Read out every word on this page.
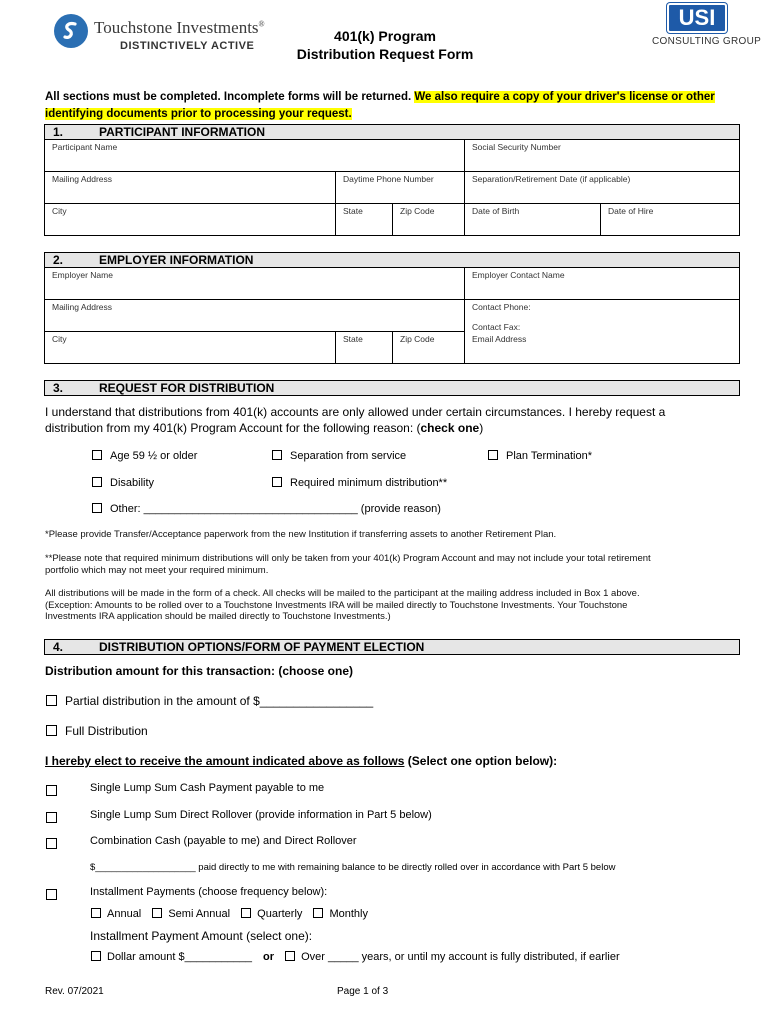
Touchstone Investments®
DISTINCTIVELY ACTIVE
401(k) Program
Distribution Request Form
USI
CONSULTING GROUP
All sections must be completed. Incomplete forms will be returned. We also require a copy of your driver's license or other
identifying documents prior to processing your request.
1.	PARTICIPANT INFORMATION
Participant Name	Social Security Number
Mailing Address	Daytime Phone Number	Separation/Retirement Date (if applicable)
City	State	Zip Code	Date of Birth	Date of Hire
2.	EMPLOYER INFORMATION
Employer Name	Employer Contact Name
Mailing Address	Contact Phone:
Contact Fax:
City	State	Zip Code	Email Address
3.	REQUEST FOR DISTRIBUTION
I understand that distributions from 401(k) accounts are only allowed under certain circumstances. I hereby request a
distribution from my 401(k) Program Account for the following reason: (check one)
Age 59 ½ or older	Separation from service	Plan Termination*
Disability	Required minimum distribution**
Other: ___________________________________ (provide reason)
*Please provide Transfer/Acceptance paperwork from the new Institution if transferring assets to another Retirement Plan.
**Please note that required minimum distributions will only be taken from your 401(k) Program Account and may not include your total retirement
portfolio which may not meet your required minimum.
All distributions will be made in the form of a check. All checks will be mailed to the participant at the mailing address included in Box 1 above.
(Exception: Amounts to be rolled over to a Touchstone Investments IRA will be mailed directly to Touchstone Investments. Your Touchstone
Investments IRA application should be mailed directly to Touchstone Investments.)
4.	DISTRIBUTION OPTIONS/FORM OF PAYMENT ELECTION
Distribution amount for this transaction: (choose one)
Partial distribution in the amount of $_________________
Full Distribution
I hereby elect to receive the amount indicated above as follows (Select one option below):
Single Lump Sum Cash Payment payable to me
Single Lump Sum Direct Rollover (provide information in Part 5 below)
Combination Cash (payable to me) and Direct Rollover
$___________________ paid directly to me with remaining balance to be directly rolled over in accordance with Part 5 below
Installment Payments (choose frequency below):
Annual Semi Annual Quarterly Monthly
Installment Payment Amount (select one):
Dollar amount $___________ or Over _____ years, or until my account is fully distributed, if earlier
Rev. 07/2021	Page 1 of 3
